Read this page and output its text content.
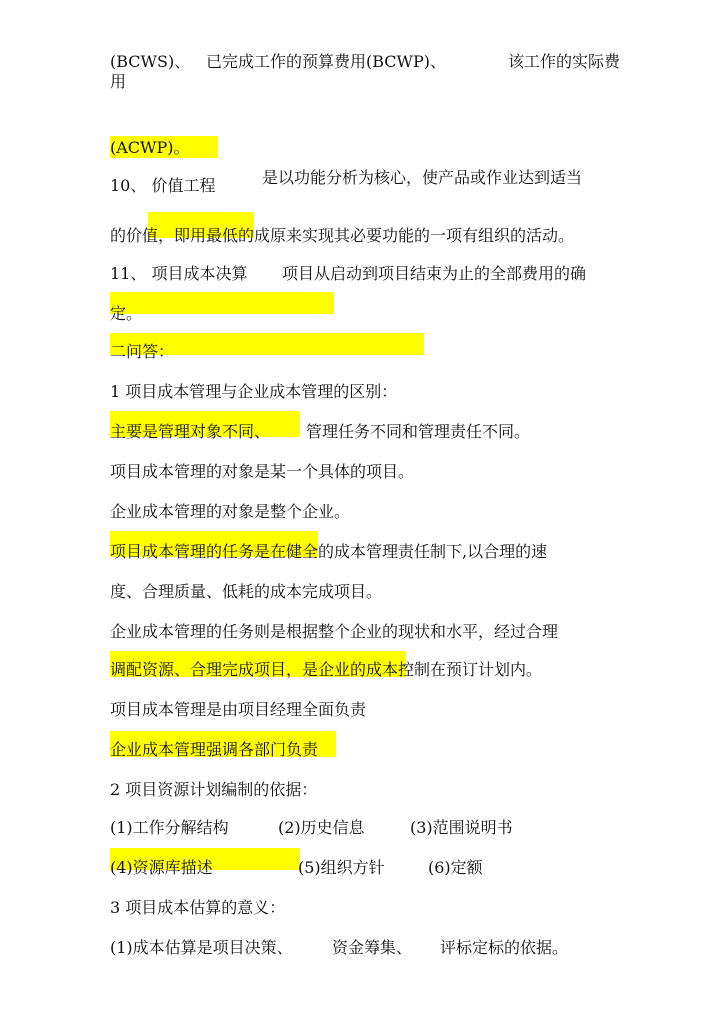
(BCWS)、 已完成工作的预算费用(BCWP)、	该工作的实际费
用
(ACWP)。
10、 价值工程	是以功能分析为核心，使产品或作业达到适当
的价值，即用最低的成原来实现其必要功能的一项有组织的活动。
11、 项目成本决算 项目从启动到项目结束为止的全部费用的确
定。
二问答：
1 项目成本管理与企业成本管理的区别：
主要是管理对象不同、 管理任务不同和管理责任不同。
项目成本管理的对象是某一个具体的项目。
企业成本管理的对象是整个企业。
项目成本管理的任务是在健全的成本管理责任制下,以合理的速
度、合理质量、低耗的成本完成项目。
企业成本管理的任务则是根据整个企业的现状和水平，经过合理
调配资源、合理完成项目，是企业的成本控制在预订计划内。
项目成本管理是由项目经理全面负责
企业成本管理强调各部门负责
2 项目资源计划编制的依据：
(1)工作分解结构	(2)历史信息	(3)范围说明书
(4)资源库描述	(5)组织方针	(6)定额
3 项目成本估算的意义：
(1)成本估算是项目决策、 资金筹集、 评标定标的依据。
